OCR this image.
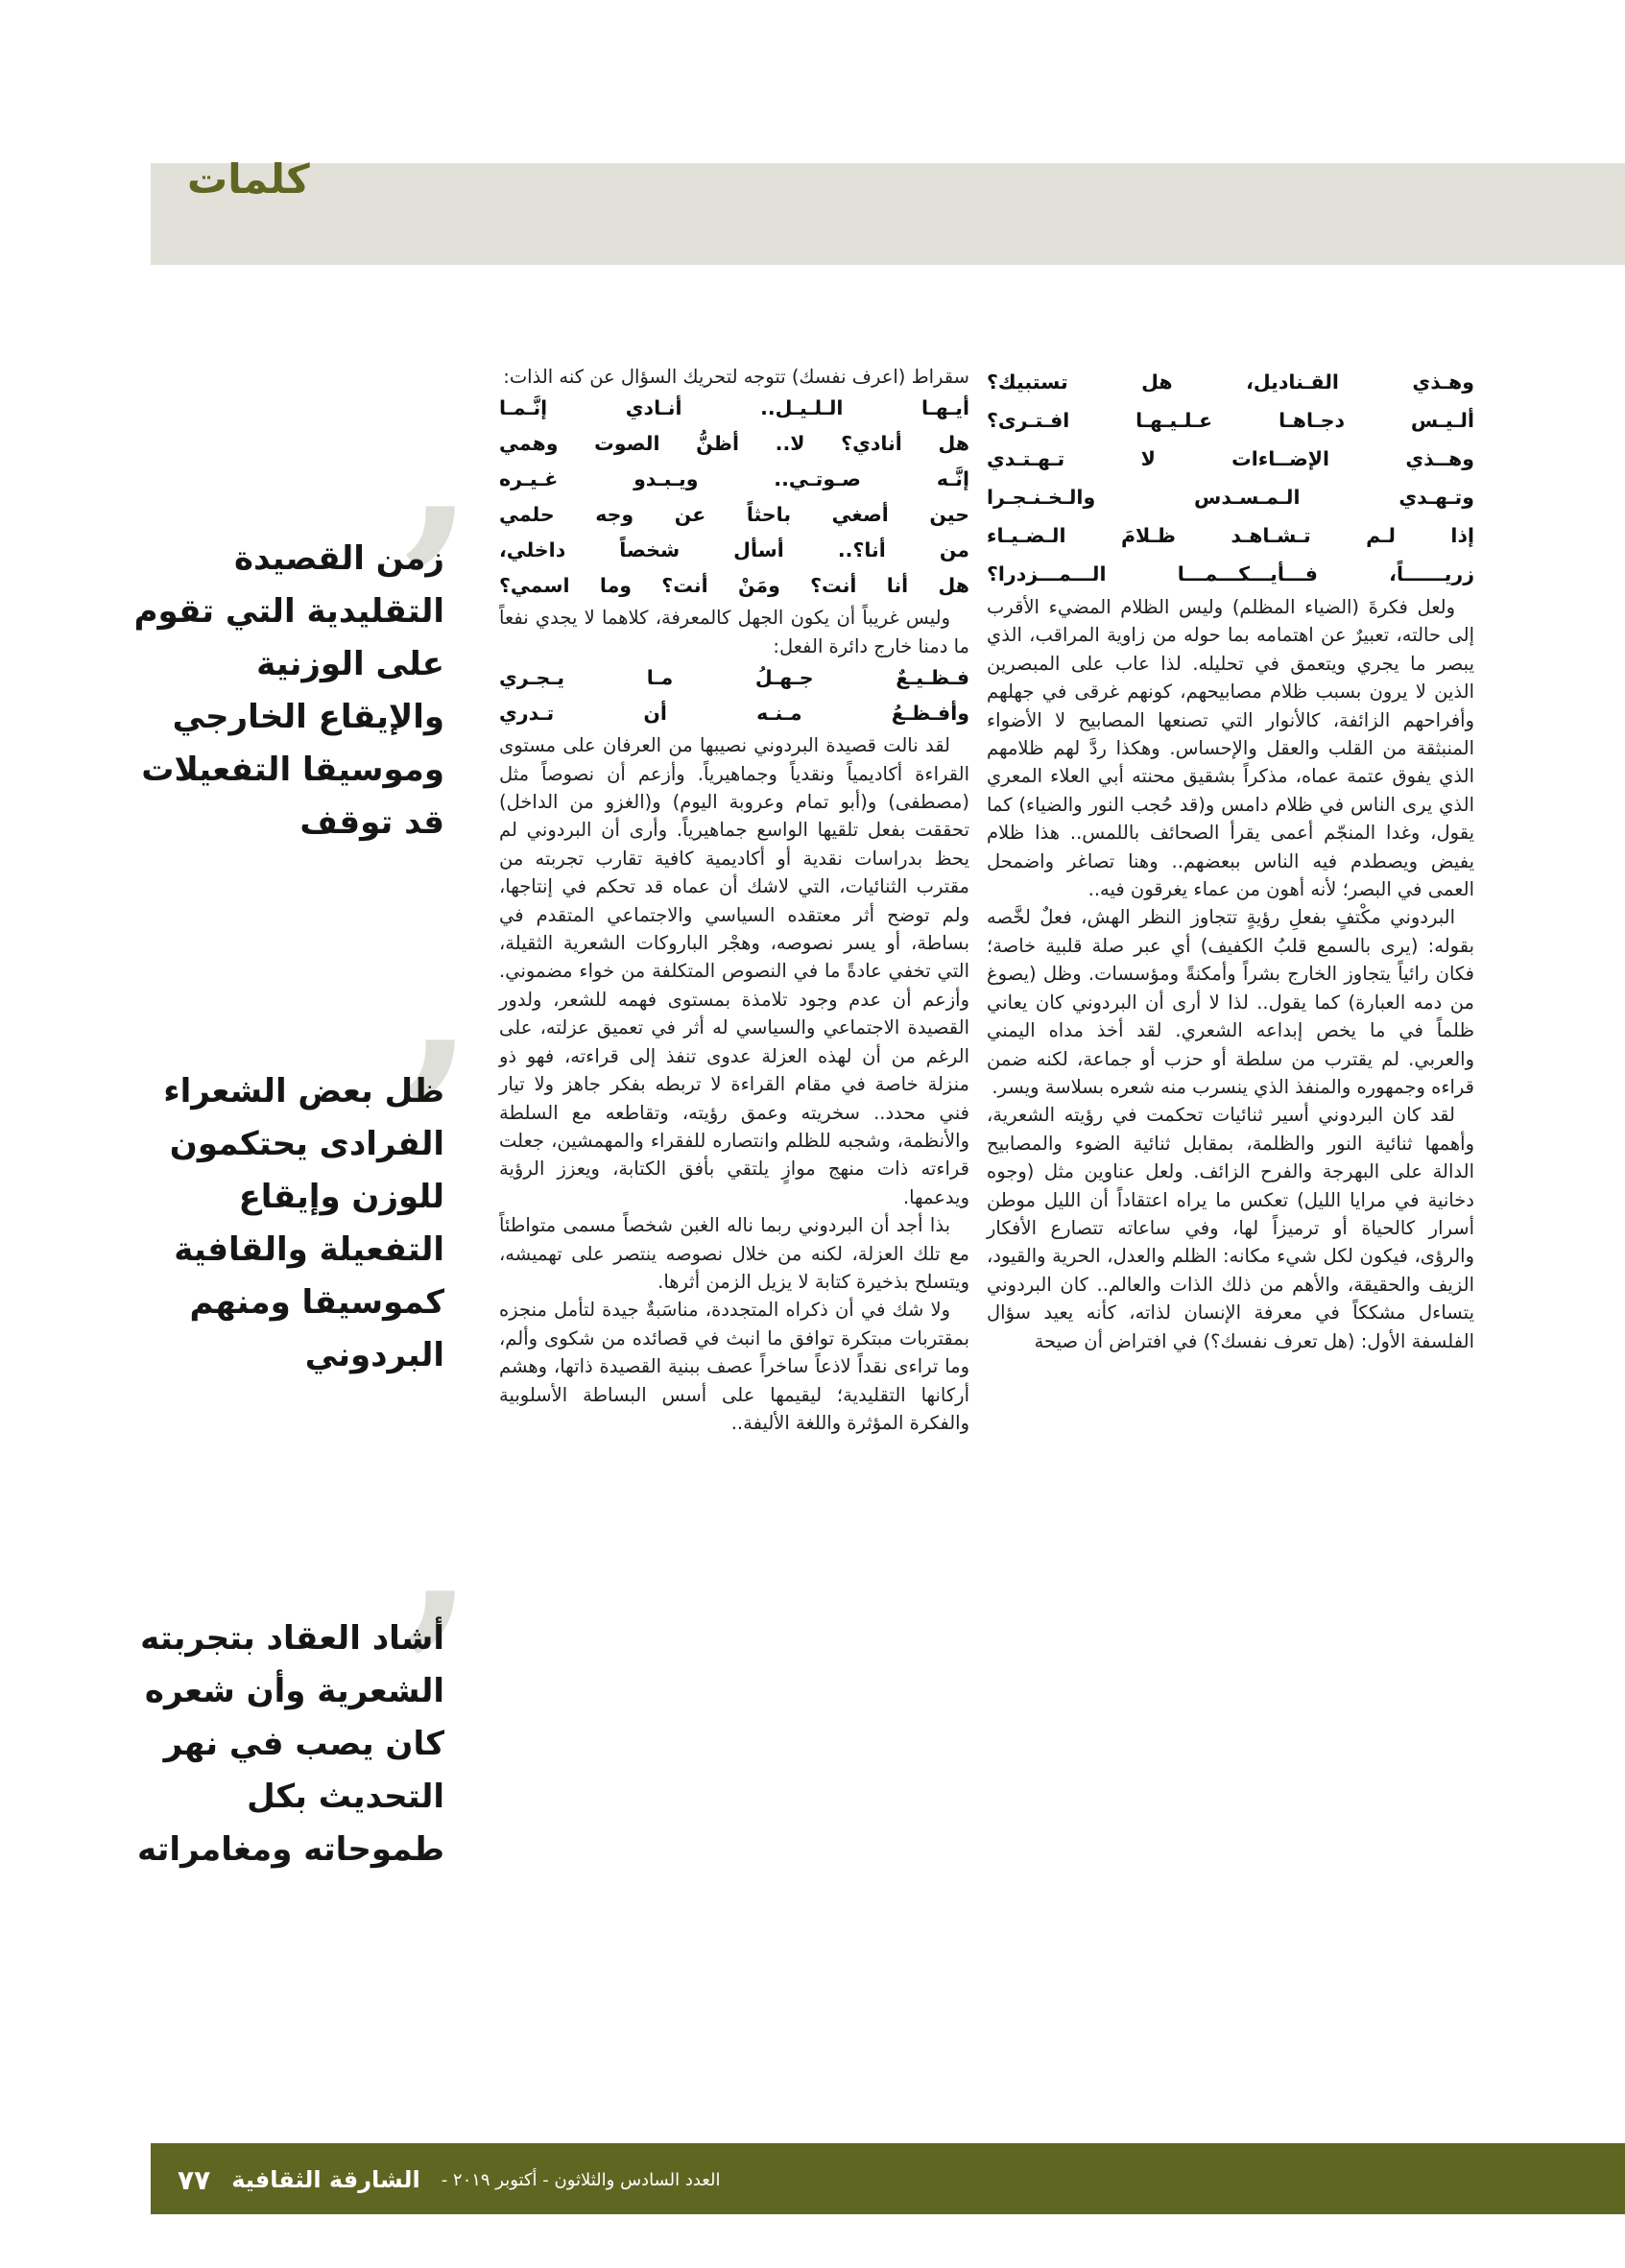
كلمات
وهـذي القـناديل، هل تستبيك؟
ألـيـس دجـاهـا عـلـيـهـا افـتـرى؟
وهــذي الإضــاءات لا تـهـتـدي
وتـهـدي الـمـسـدس والـخـنـجـرا
إذا لـم تـشـاهـد ظـلامَ الـضـيـاء
زريــــــاً، فـــأيـــكـــمـــا الـــمـــزدرا؟

ولعل فكرةَ (الضياء المظلم) وليس الظلام المضيء الأقرب إلى حالته، تعبيرٌ عن اهتمامه بما حوله من زاوية المراقب، الذي يبصر ما يجري ويتعمق في تحليله. لذا عاب على المبصرين الذين لا يرون بسبب ظلام مصابيحهم، كونهم غرقى في جهلهم وأفراحهم الزائفة، كالأنوار التي تصنعها المصابيح لا الأضواء المنبثقة من القلب والعقل والإحساس. وهكذا ردَّ لهم ظلامهم الذي يفوق عتمة عماه، مذكراً بشقيق محنته أبي العلاء المعري الذي يرى الناس في ظلام دامس و(قد حُجب النور والضياء) كما يقول، وغدا المنجّم أعمى يقرأ الصحائف باللمس.. هذا ظلام يفيض ويصطدم فيه الناس ببعضهم.. وهنا تصاغر واضمحل العمى في البصر؛ لأنه أهون من عماء يغرقون فيه..

البردوني مكْتفٍ بفعلِ رؤيةٍ تتجاوز النظر الهش، فعلٌ لخَّصه بقوله: (يرى بالسمع قلبُ الكفيف) أي عبر صلة قلبية خاصة؛ فكان رائياً يتجاوز الخارج بشراً وأمكنةً ومؤسسات. وظل (يصوغ من دمه العبارة) كما يقول.. لذا لا أرى أن البردوني كان يعاني ظلماً في ما يخص إبداعه الشعري. لقد أخذ مداه اليمني والعربي. لم يقترب من سلطة أو حزب أو جماعة، لكنه ضمن قراءه وجمهوره والمنفذ الذي ينسرب منه شعره بسلاسة ويسر.

لقد كان البردوني أسير ثنائيات تحكمت في رؤيته الشعرية، وأهمها ثنائية النور والظلمة، بمقابل ثنائية الضوء والمصابيح الدالة على البهرجة والفرح الزائف. ولعل عناوين مثل (وجوه دخانية في مرايا الليل) تعكس ما يراه اعتقاداً أن الليل موطن أسرار كالحياة أو ترميزاً لها، وفي ساعاته تتصارع الأفكار والرؤى، فيكون لكل شيء مكانه: الظلم والعدل، الحرية والقيود، الزيف والحقيقة، والأهم من ذلك الذات والعالم.. كان البردوني يتساءل مشككاً في معرفة الإنسان لذاته، كأنه يعيد سؤال الفلسفة الأول: (هل تعرف نفسك؟) في افتراض أن صيحة

سقراط (اعرف نفسك) تتوجه لتحريك السؤال عن كنه الذات:

أيـهـا الـلـيـل.. أنـادي إنَّـمـا
هل أنادي؟ لا.. أظنُّ الصوت وهمي
إنَّـه صـوتـي.. ويـبـدو غـيـره
حين أصغي باحثاً عن وجه حلمي
من أنا؟.. أسأل شخصاً داخلي،
هل أنا أنت؟ ومَنْ أنت؟ وما اسمي؟

وليس غريباً أن يكون الجهل كالمعرفة، كلاهما لا يجدي نفعاً ما دمنا خارج دائرة الفعل:

فـظـيـعٌ جـهـلُ مـا يـجـري
وأفـظـعُ مـنـه أن تـدري

لقد نالت قصيدة البردوني نصيبها من العرفان على مستوى القراءة أكاديمياً ونقدياً وجماهيرياً. وأزعم أن نصوصاً مثل (مصطفى) و(أبو تمام وعروبة اليوم) و(الغزو من الداخل) تحققت بفعل تلقيها الواسع جماهيرياً. وأرى أن البردوني لم يحظ بدراسات نقدية أو أكاديمية كافية تقارب تجربته من مقترب الثنائيات، التي لاشك أن عماه قد تحكم في إنتاجها، ولم توضح أثر معتقده السياسي والاجتماعي المتقدم في بساطة، أو يسر نصوصه، وهجْر الباروكات الشعرية الثقيلة، التي تخفي عادةً ما في النصوص المتكلفة من خواء مضموني. وأزعم أن عدم وجود تلامذة بمستوى فهمه للشعر، ولدور القصيدة الاجتماعي والسياسي له أثر في تعميق عزلته، على الرغم من أن لهذه العزلة عدوى تنفذ إلى قراءته، فهو ذو منزلة خاصة في مقام القراءة لا تربطه بفكر جاهز ولا تيار فني محدد.. سخريته وعمق رؤيته، وتقاطعه مع السلطة والأنظمة، وشجبه للظلم وانتصاره للفقراء والمهمشين، جعلت قراءته ذات منهج موازٍ يلتقي بأفق الكتابة، ويعزز الرؤية ويدعمها.

بذا أجد أن البردوني ربما ناله الغبن شخصاً مسمى متواطئاً مع تلك العزلة، لكنه من خلال نصوصه ينتصر على تهميشه، ويتسلح بذخيرة كتابة لا يزيل الزمن أثرها.

ولا شك في أن ذكراه المتجددة، مناسَبةٌ جيدة لتأمل منجزه بمقتربات مبتكرة توافق ما انبث في قصائده من شكوى وألم، وما تراءى نقداً لاذعاً ساخراً عصف ببنية القصيدة ذاتها، وهشم أركانها التقليدية؛ ليقيمها على أسس البساطة الأسلوبية والفكرة المؤثرة واللغة الأليفة..

’
زمن القصيدة التقليدية التي تقوم على الوزنية والإيقاع الخارجي وموسيقا التفعيلات قد توقف
’
ظل بعض الشعراء الفرادى يحتكمون للوزن وإيقاع التفعيلة والقافية كموسيقا ومنهم البردوني
’
أشاد العقاد بتجربته الشعرية وأن شعره كان يصب في نهر التحديث بكل طموحاته ومغامراته
٧٧ الشارقة الثقافية العدد السادس والثلاثون - أكتوبر ٢٠١٩ -
